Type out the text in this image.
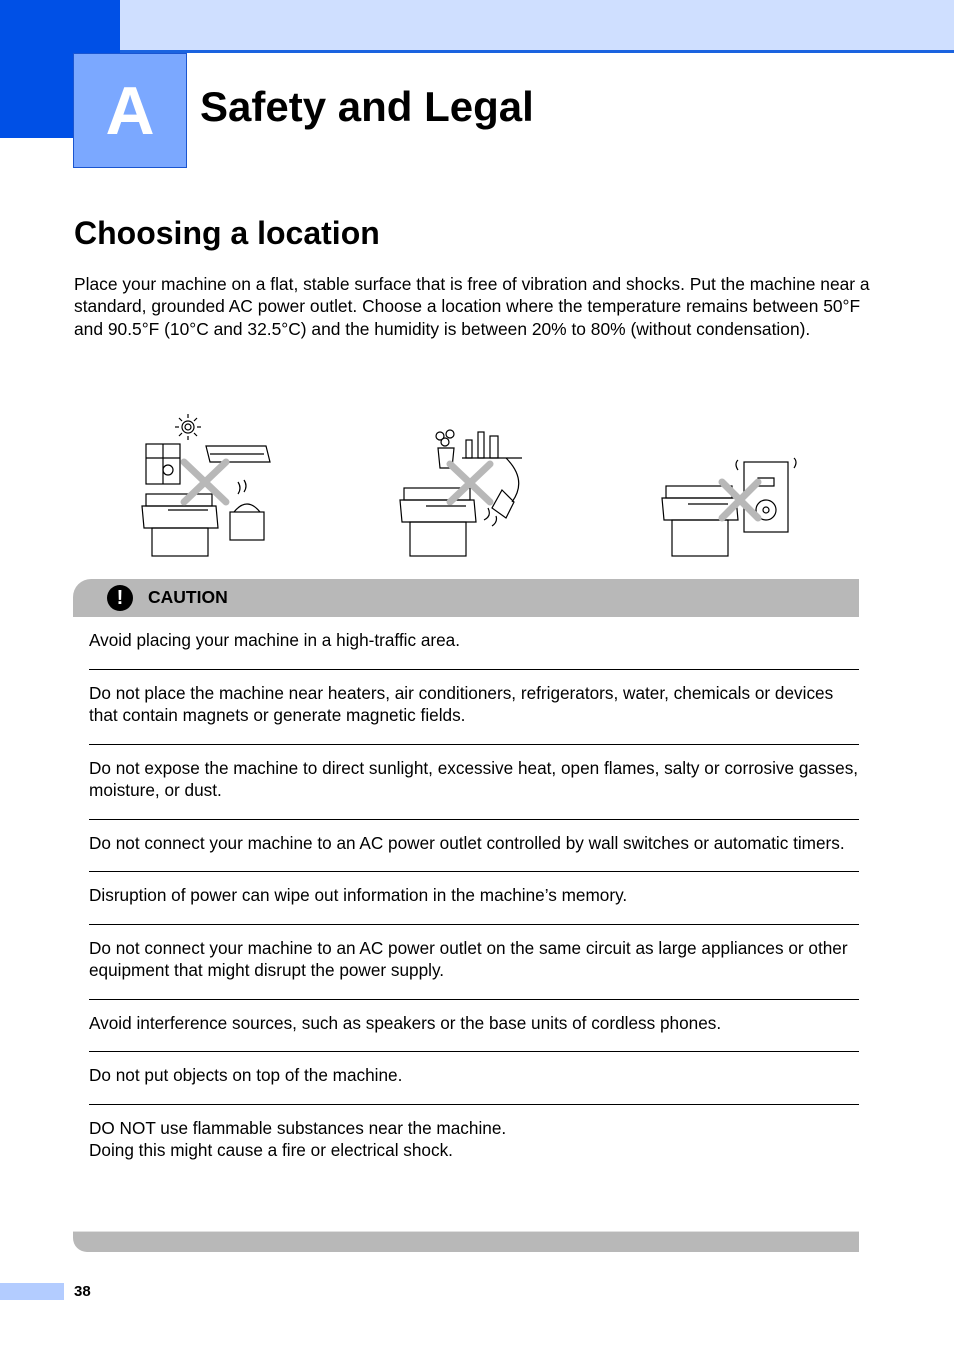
A Safety and Legal
Choosing a location

Place your machine on a flat, stable surface that is free of vibration and shocks. Put the machine near a standard, grounded AC power outlet. Choose a location where the temperature remains between 50°F and 90.5°F (10°C and 32.5°C) and the humidity is between 20% to 80% (without condensation).

!	CAUTION
Avoid placing your machine in a high-traffic area.
Do not place the machine near heaters, air conditioners, refrigerators, water, chemicals or devices that contain magnets or generate magnetic fields.
Do not expose the machine to direct sunlight, excessive heat, open flames, salty or corrosive gasses, moisture, or dust.
Do not connect your machine to an AC power outlet controlled by wall switches or automatic timers.
Disruption of power can wipe out information in the machine’s memory.
Do not connect your machine to an AC power outlet on the same circuit as large appliances or other equipment that might disrupt the power supply.
Avoid interference sources, such as speakers or the base units of cordless phones.
Do not put objects on top of the machine.
DO NOT use flammable substances near the machine.
Doing this might cause a fire or electrical shock.
38
